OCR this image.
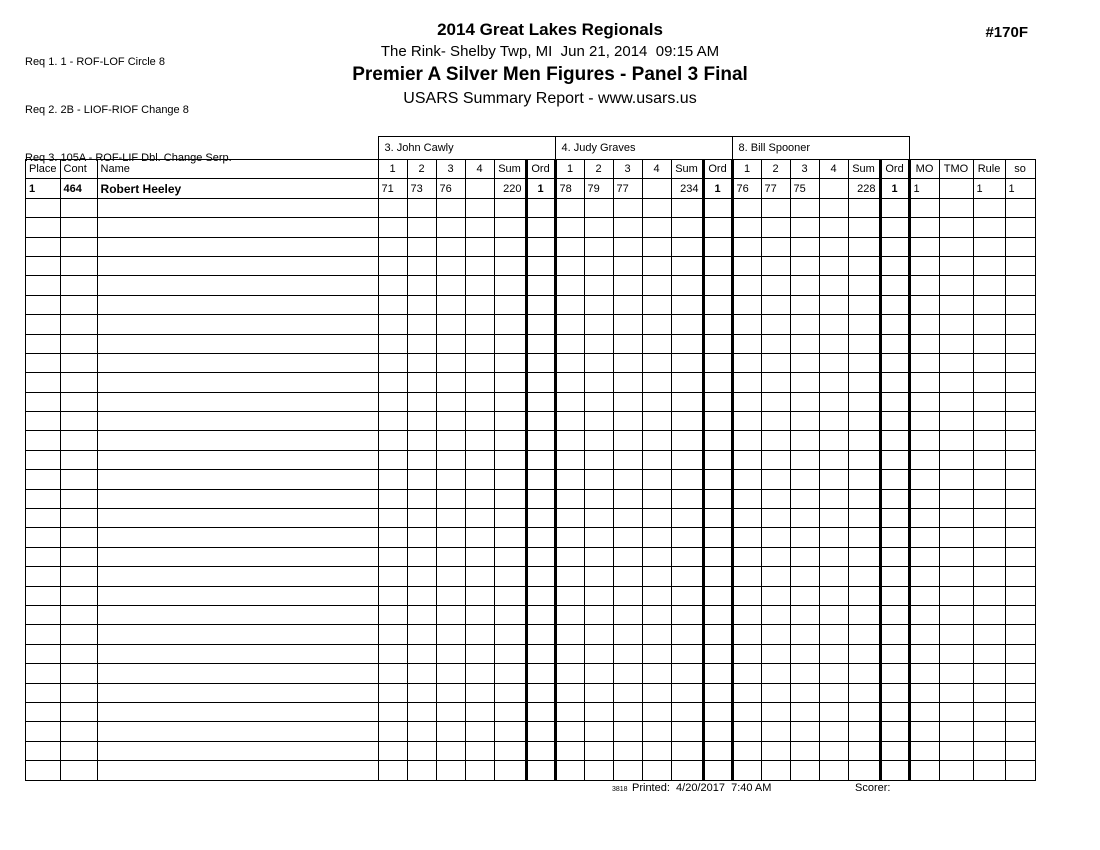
Req 1. 1 - ROF-LOF Circle 8

Req 2. 2B - LIOF-RIOF Change 8

Req 3. 105A - ROF-LIF Dbl. Change Serp.

2014 Great Lakes Regionals
The Rink- Shelby Twp, MI  Jun 21, 2014  09:15 AM
Premier A Silver Men Figures - Panel 3 Final
USARS Summary Report - www.usars.us
#170F
			3. John Cawly						4. Judy Graves						8. Bill Spooner									
Place	Cont	Name	1	2	3	4	Sum	Ord	1	2	3	4	Sum	Ord	1	2	3	4	Sum	Ord	MO	TMO	Rule	so
1	464	Robert Heeley	71	73	76		220	1	78	79	77		234	1	76	77	75		228	1	1		1	1

3818 Printed:  4/20/2017  7:40 AM	Scorer:
